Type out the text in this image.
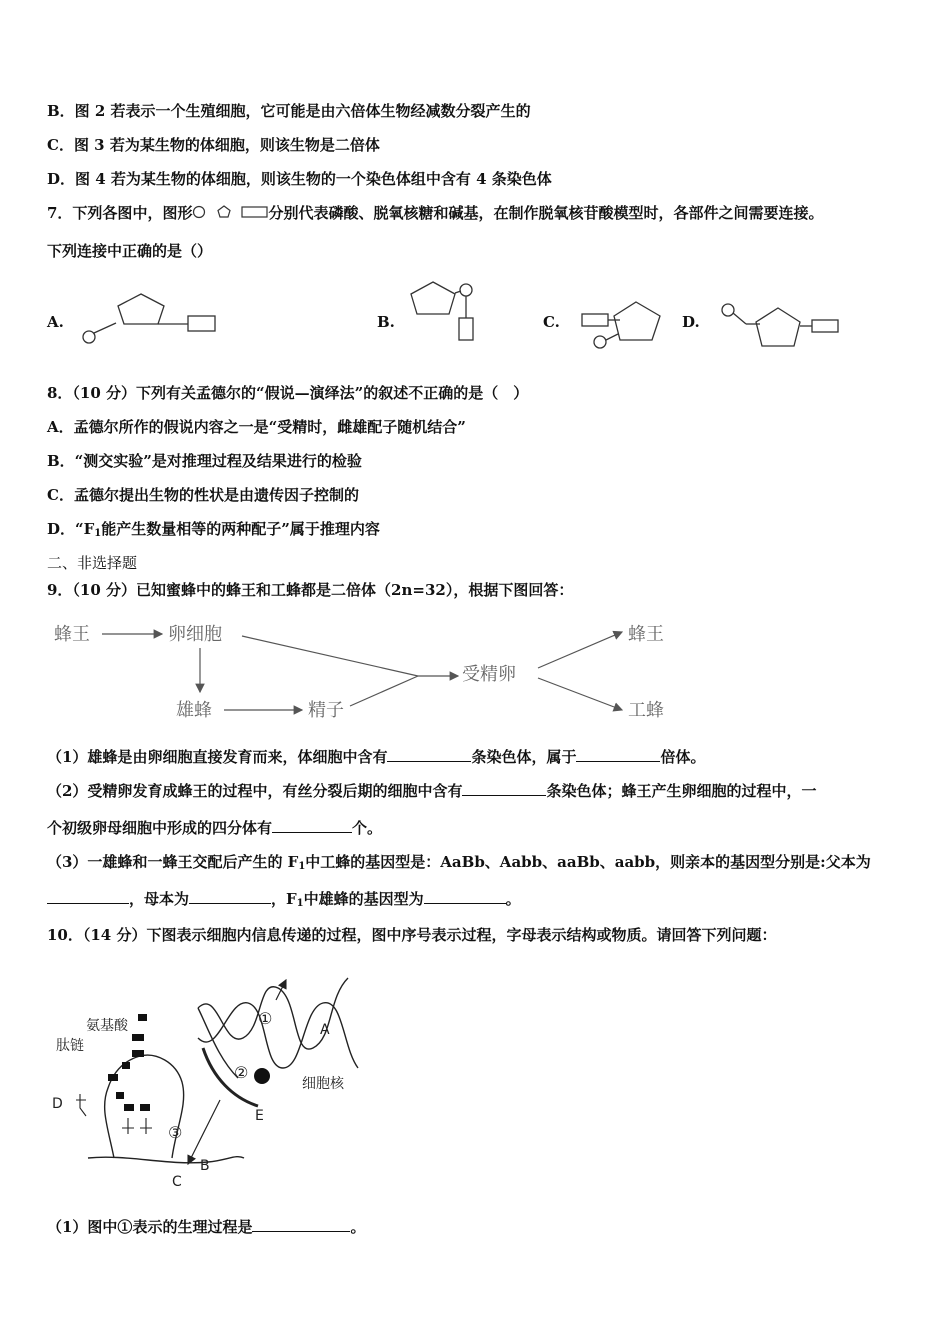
B．图 2 若表示一个生殖细胞，它可能是由六倍体生物经减数分裂产生的
C．图 3 若为某生物的体细胞，则该生物是二倍体
D．图 4 若为某生物的体细胞，则该生物的一个染色体组中含有 4 条染色体
7．下列各图中，图形	分别代表磷酸、脱氧核糖和碱基，在制作脱氧核苷酸模型时，各部件之间需要连接。
下列连接中正确的是（）
A.	B.	C.	D.
8．（10 分）下列有关孟德尔的“假说—演绎法”的叙述不正确的是（　）
A．孟德尔所作的假说内容之一是“受精时，雌雄配子随机结合”
B．“测交实验”是对推理过程及结果进行的检验
C．孟德尔提出生物的性状是由遗传因子控制的
D．“$F_1$能产生数量相等的两种配子”属于推理内容
二、非选择题
9．（10 分）已知蜜蜂中的蜂王和工蜂都是二倍体（2n=32），根据下图回答：
蜂王	卵细胞
雄蜂	精子
受精卵
蜂王
工蜂
（1）雄蜂是由卵细胞直接发育而来，体细胞中含有	条染色体，属于	倍体。
（2）受精卵发育成蜂王的过程中，有丝分裂后期的细胞中含有	条染色体；蜂王产生卵细胞的过程中，一
个初级卵母细胞中形成的四分体有	个。
（3）一雄蜂和一蜂王交配后产生的 $F_1$中工蜂的基因型是：AaBb、Aabb、aaBb、aabb，则亲本的基因型分别是:父本为
，母本为	，$F_1$中雄蜂的基因型为	。
10．（14 分）下图表示细胞内信息传递的过程，图中序号表示过程，字母表示结构或物质。请回答下列问题：
氨基酸
肽链
D
B
C
A
E
细胞核
①
②
③
（1）图中①表示的生理过程是	。
